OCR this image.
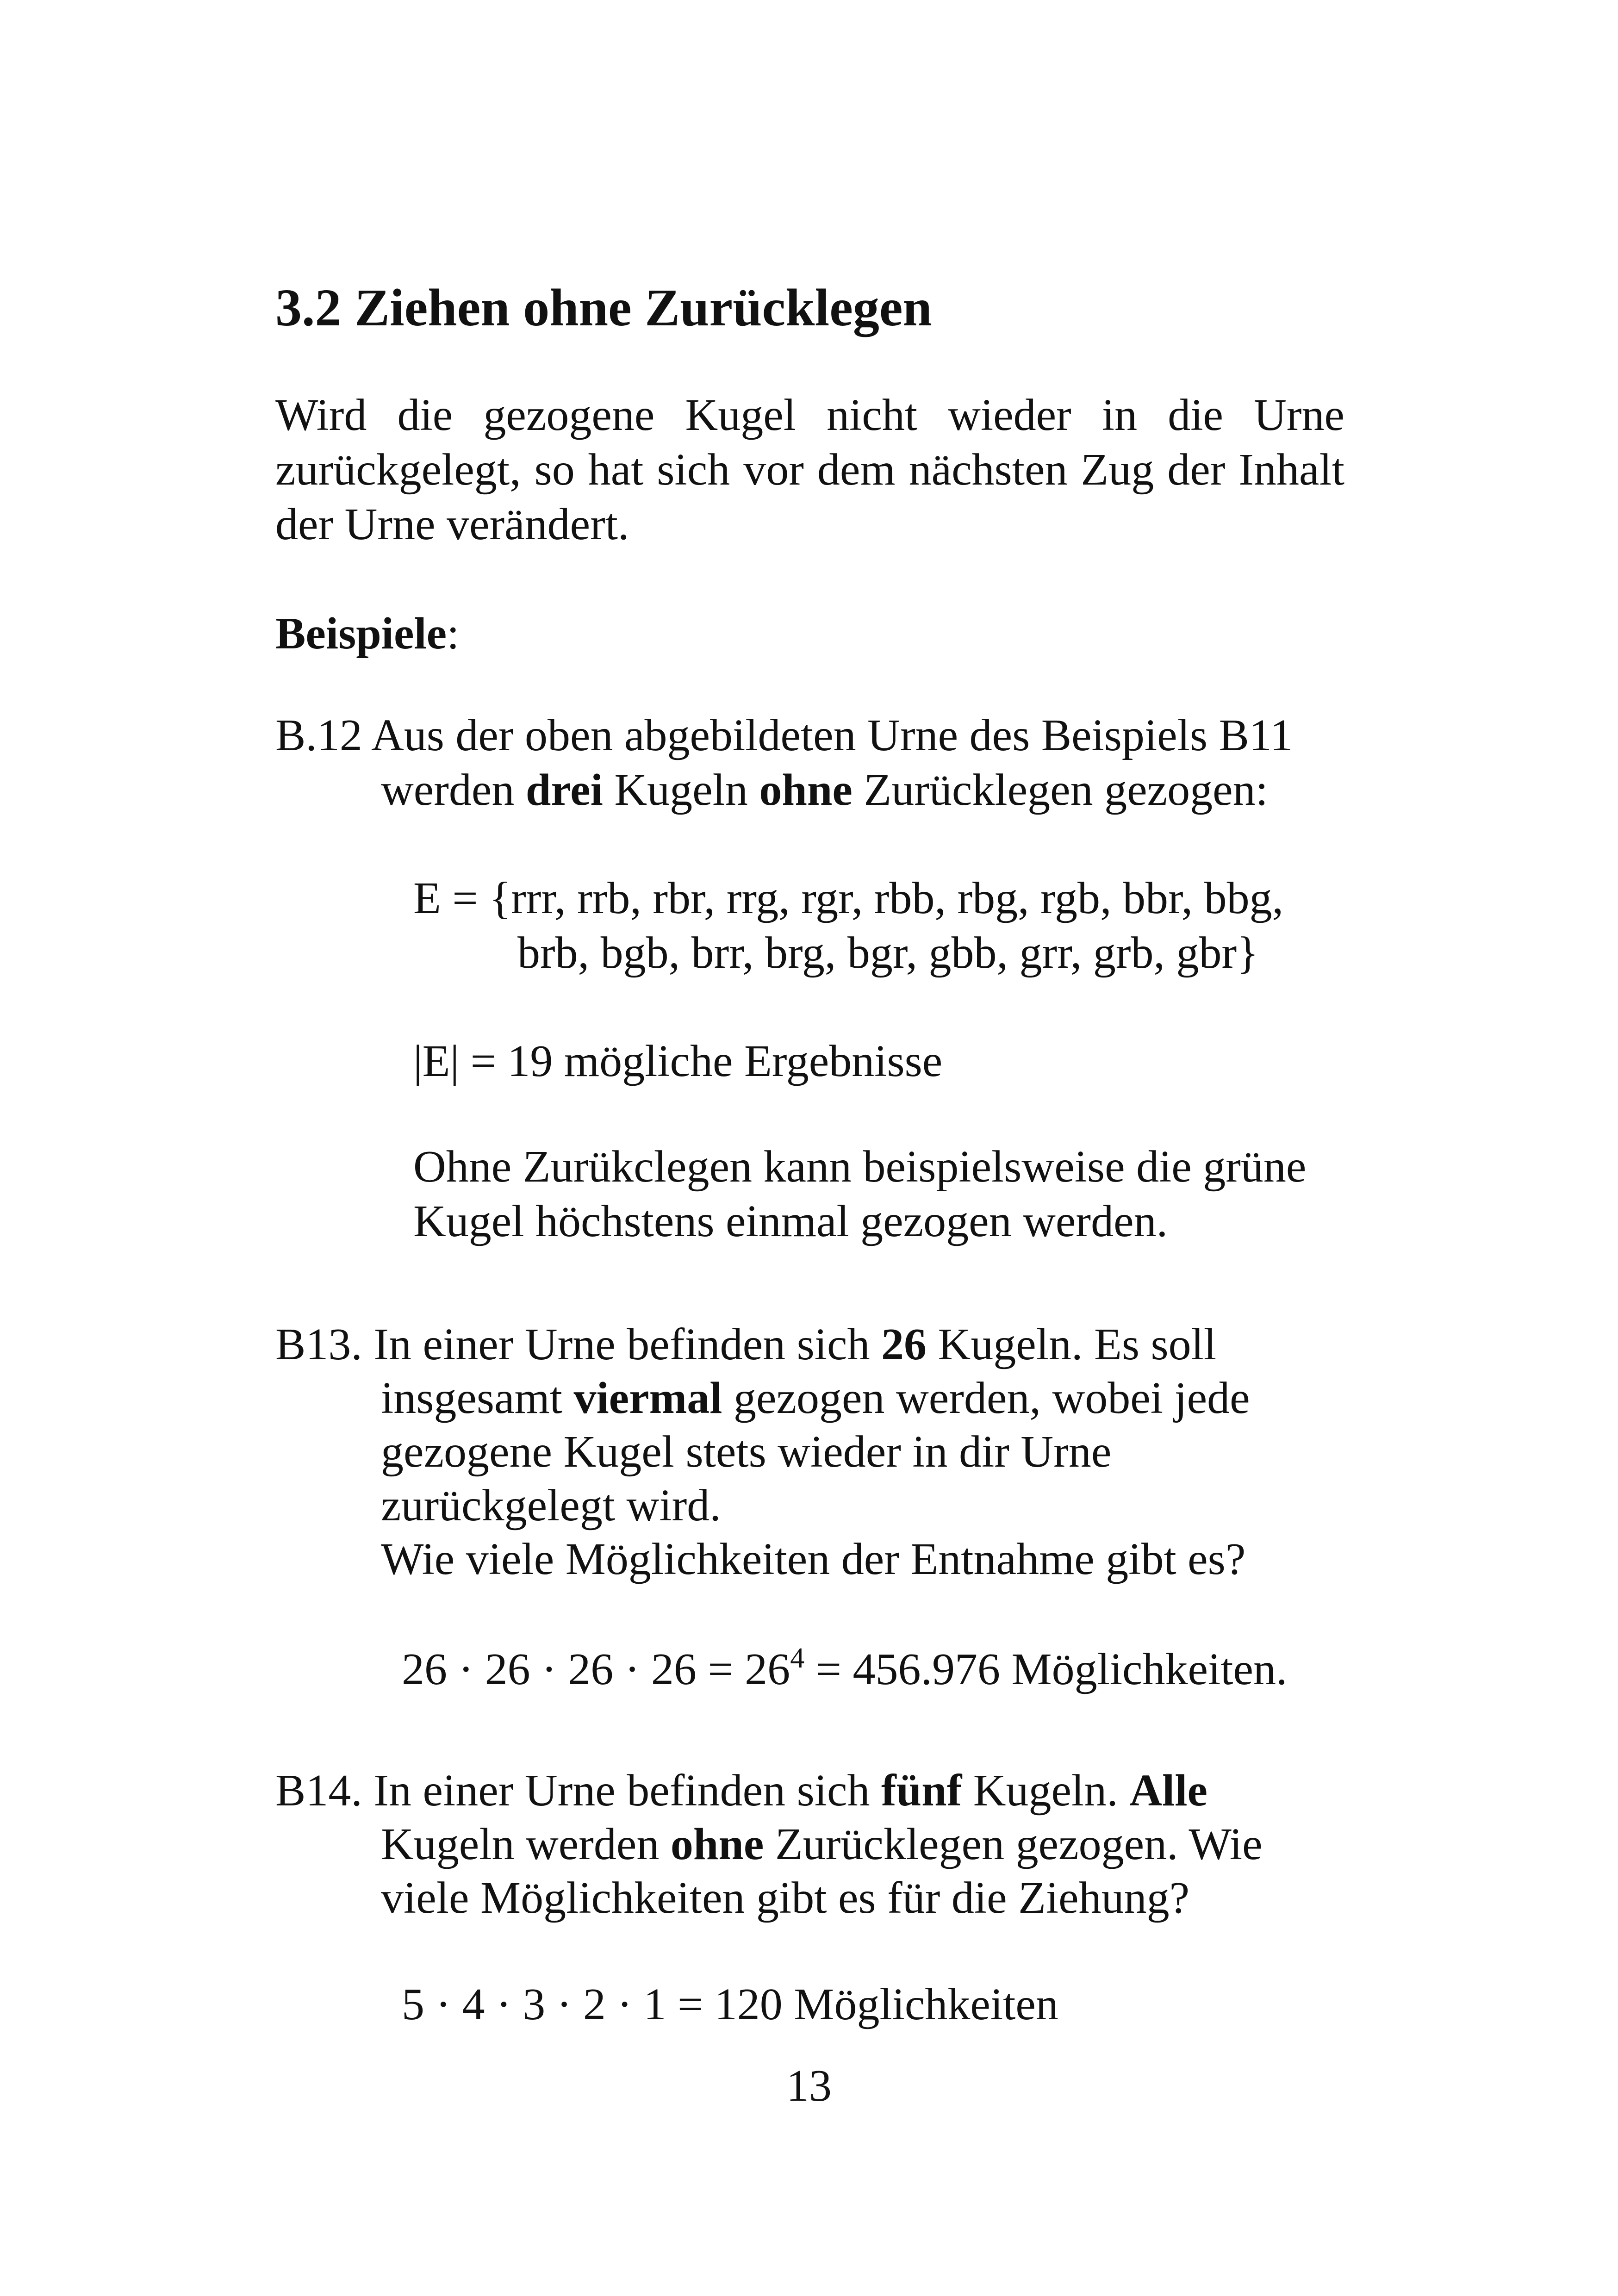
3.2 Ziehen ohne Zurücklegen
Wird die gezogene Kugel nicht wieder in die Urne
zurückgelegt, so hat sich vor dem nächsten Zug der Inhalt
der Urne verändert.
Beispiele:
B.12 Aus der oben abgebildeten Urne des Beispiels B11
werden drei Kugeln ohne Zurücklegen gezogen:
E = {rrr, rrb, rbr, rrg, rgr, rbb, rbg, rgb, bbr, bbg,
brb, bgb, brr, brg, bgr, gbb, grr, grb, gbr}
|E| = 19 mögliche Ergebnisse
Ohne Zurükclegen kann beispielsweise die grüne
Kugel höchstens einmal gezogen werden.
B13. In einer Urne befinden sich 26 Kugeln. Es soll
insgesamt viermal gezogen werden, wobei jede
gezogene Kugel stets wieder in dir Urne
zurückgelegt wird.
Wie viele Möglichkeiten der Entnahme gibt es?
$26 \cdot 26 \cdot 26 \cdot 26 = 26^4 = 456.976$ Möglichkeiten.
B14. In einer Urne befinden sich fünf Kugeln. Alle
Kugeln werden ohne Zurücklegen gezogen. Wie
viele Möglichkeiten gibt es für die Ziehung?
5 · 4 · 3 · 2 · 1 = 120 Möglichkeiten
13
